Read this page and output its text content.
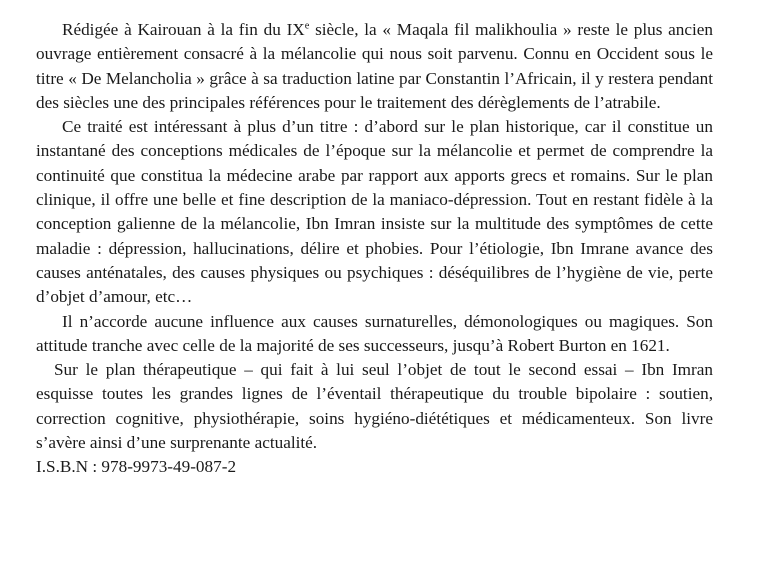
Rédigée à Kairouan à la fin du IXe siècle, la « Maqala fil malikhoulia » reste le plus ancien ouvrage entièrement consacré à la mélancolie qui nous soit parvenu. Connu en Occident sous le titre « De Melancholia » grâce à sa traduction latine par Constantin l’Africain, il y restera pendant des siècles une des principales références pour le traitement des dérèglements de l’atrabile.

Ce traité est intéressant à plus d’un titre : d’abord sur le plan historique, car il constitue un instantané des conceptions médicales de l’époque sur la mélancolie et permet de comprendre la continuité que constitua la médecine arabe par rapport aux apports grecs et romains. Sur le plan clinique, il offre une belle et fine description de la maniaco-dépression. Tout en restant fidèle à la conception galienne de la mélancolie, Ibn Imran insiste sur la multitude des symptômes de cette maladie : dépression, hallucinations, délire et phobies. Pour l’étiologie, Ibn Imrane avance des causes anténatales, des causes physiques ou psychiques : déséquilibres de l’hygiène de vie, perte d’objet d’amour, etc…

Il n’accorde aucune influence aux causes surnaturelles, démonologiques ou magiques. Son attitude tranche avec celle de la majorité de ses successeurs, jusqu’à Robert Burton en 1621.

Sur le plan thérapeutique – qui fait à lui seul l’objet de tout le second essai – Ibn Imran esquisse toutes les grandes lignes de l’éventail thérapeutique du trouble bipolaire : soutien, correction cognitive, physiothérapie, soins hygiéno-diététiques et médicamenteux. Son livre s’avère ainsi d’une surprenante actualité.

I.S.B.N : 978-9973-49-087-2
